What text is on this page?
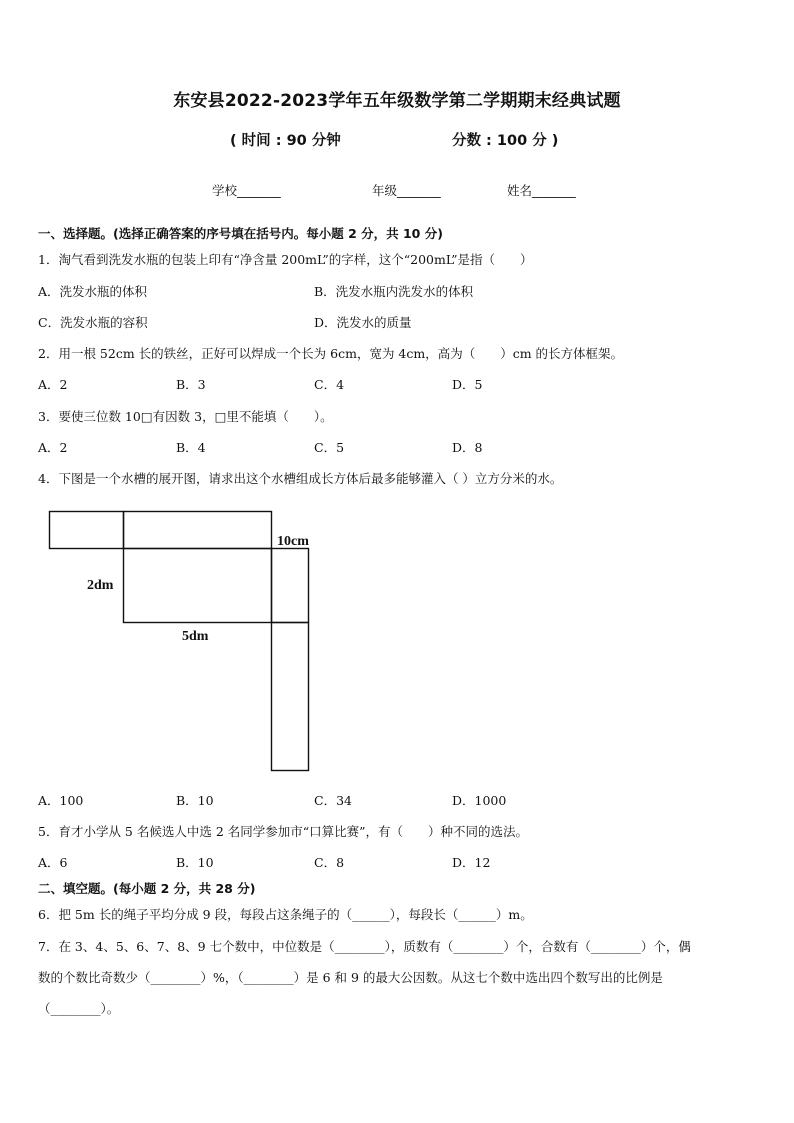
东安县2022-2023学年五年级数学第二学期期末经典试题
( 时间 : 90 分钟	分数 : 100 分 )
学校_______	年级_______	姓名_______
一、选择题。(选择正确答案的序号填在括号内。每小题 2 分，共 10 分)
1．淘气看到洗发水瓶的包装上印有“净含量 200mL”的字样，这个“200mL”是指（　　）
A．洗发水瓶的体积	B．洗发水瓶内洗发水的体积
C．洗发水瓶的容积	D．洗发水的质量
2．用一根 52cm 长的铁丝，正好可以焊成一个长为 6cm，宽为 4cm，高为（　　）cm 的长方体框架。
A．2	B．3	C．4	D．5
3．要使三位数 10□有因数 3，□里不能填（　　）。
A．2	B．4	C．5	D．8
4．下图是一个水槽的展开图，请求出这个水槽组成长方体后最多能够灌入（ ）立方分米的水。
10cm
2dm
5dm
A．100	B．10	C．34	D．1000
5．育才小学从 5 名候选人中选 2 名同学参加市“口算比赛”，有（　　）种不同的选法。
A．6	B．10	C．8	D．12
二、填空题。(每小题 2 分，共 28 分)
6．把 5m 长的绳子平均分成 9 段，每段占这条绳子的（______），每段长（______）m。
7．在 3、4、5、6、7、8、9 七个数中，中位数是（________），质数有（________）个，合数有（________）个，偶
数的个数比奇数少（________）%，（________）是 6 和 9 的最大公因数。从这七个数中选出四个数写出的比例是
（________）。
